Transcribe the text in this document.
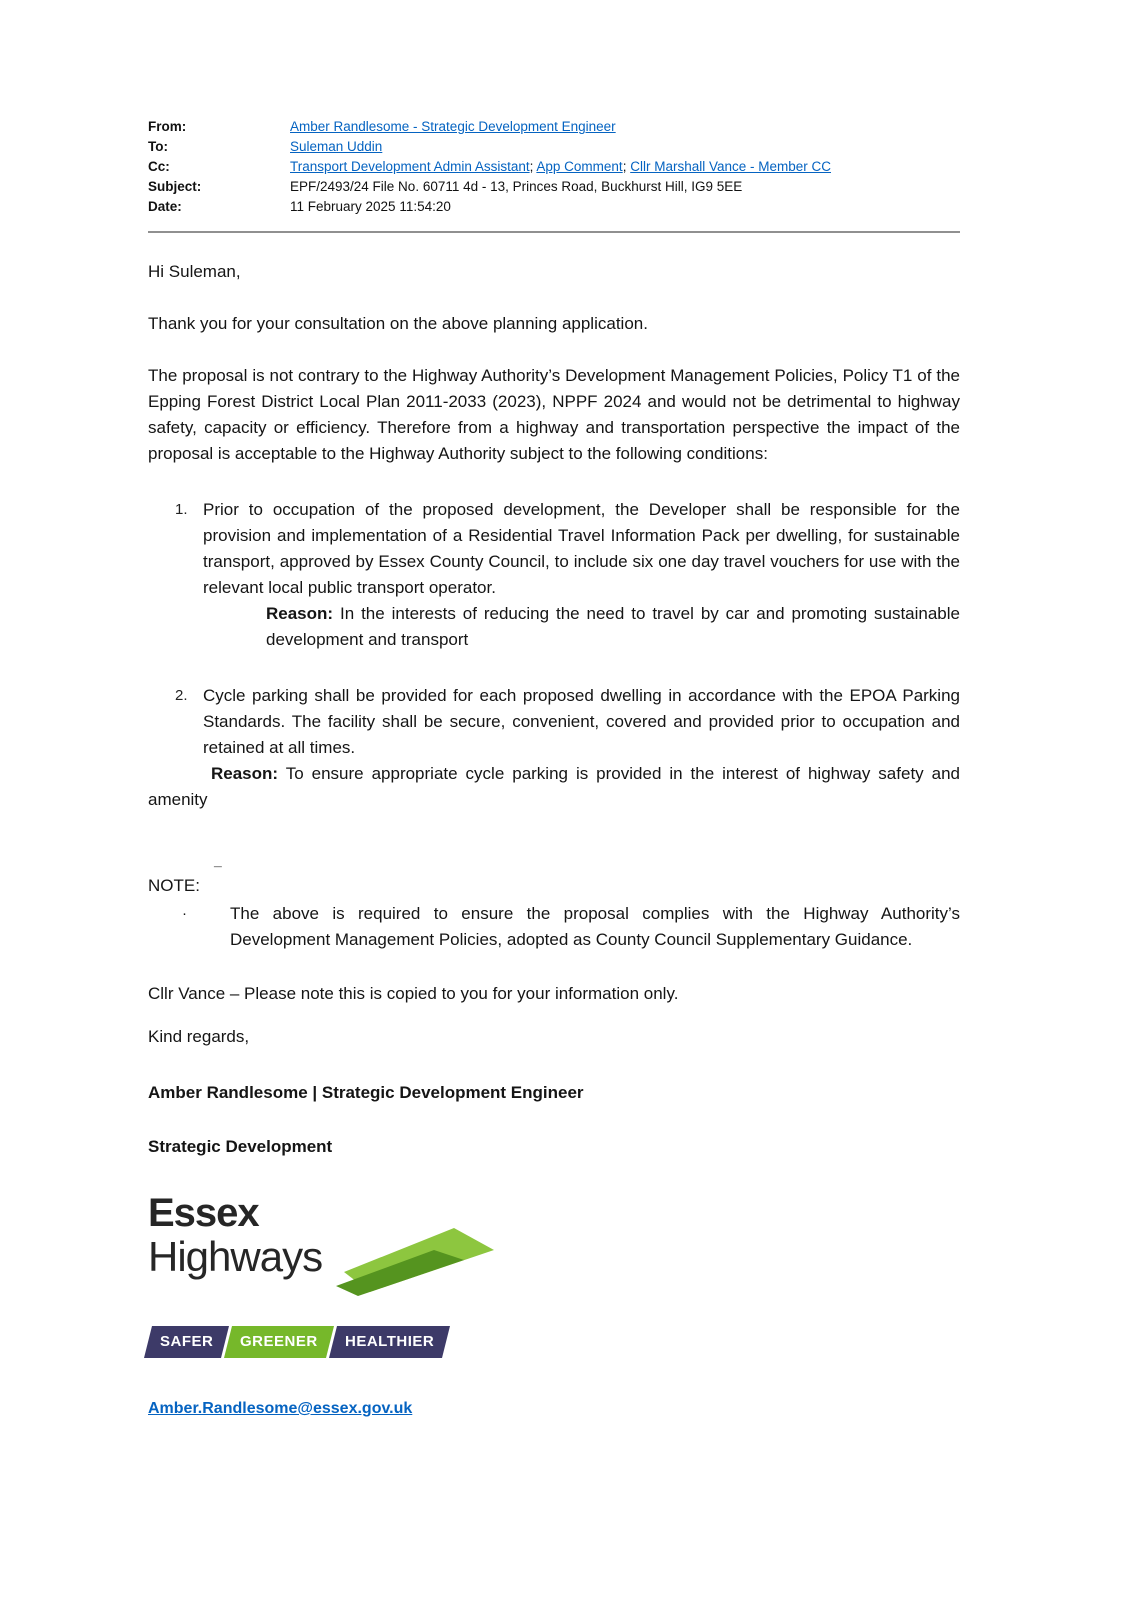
From:	Amber Randlesome - Strategic Development Engineer
To:	Suleman Uddin
Cc:	Transport Development Admin Assistant; App Comment; Cllr Marshall Vance - Member CC
Subject:	EPF/2493/24 File No. 60711 4d - 13, Princes Road, Buckhurst Hill, IG9 5EE
Date:	11 February 2025 11:54:20

Hi Suleman,

Thank you for your consultation on the above planning application.

The proposal is not contrary to the Highway Authority’s Development Management Policies, Policy T1 of the Epping Forest District Local Plan 2011-2033 (2023), NPPF 2024 and would not be detrimental to highway safety, capacity or efficiency. Therefore from a highway and transportation perspective the impact of the proposal is acceptable to the Highway Authority subject to the following conditions:

1. Prior to occupation of the proposed development, the Developer shall be responsible for the provision and implementation of a Residential Travel Information Pack per dwelling, for sustainable transport, approved by Essex County Council, to include six one day travel vouchers for use with the relevant local public transport operator.
Reason: In the interests of reducing the need to travel by car and promoting sustainable development and transport
2. Cycle parking shall be provided for each proposed dwelling in accordance with the EPOA Parking Standards. The facility shall be secure, convenient, covered and provided prior to occupation and retained at all times.
Reason: To ensure appropriate cycle parking is provided in the interest of highway safety and amenity
¯
NOTE:
·	The above is required to ensure the proposal complies with the Highway Authority’s Development Management Policies, adopted as County Council Supplementary Guidance.

Cllr Vance – Please note this is copied to you for your information only.

Kind regards,

Amber Randlesome | Strategic Development Engineer

Strategic Development

Essex
Highways
SAFER	GREENER	HEALTHIER

Amber.Randlesome@essex.gov.uk
